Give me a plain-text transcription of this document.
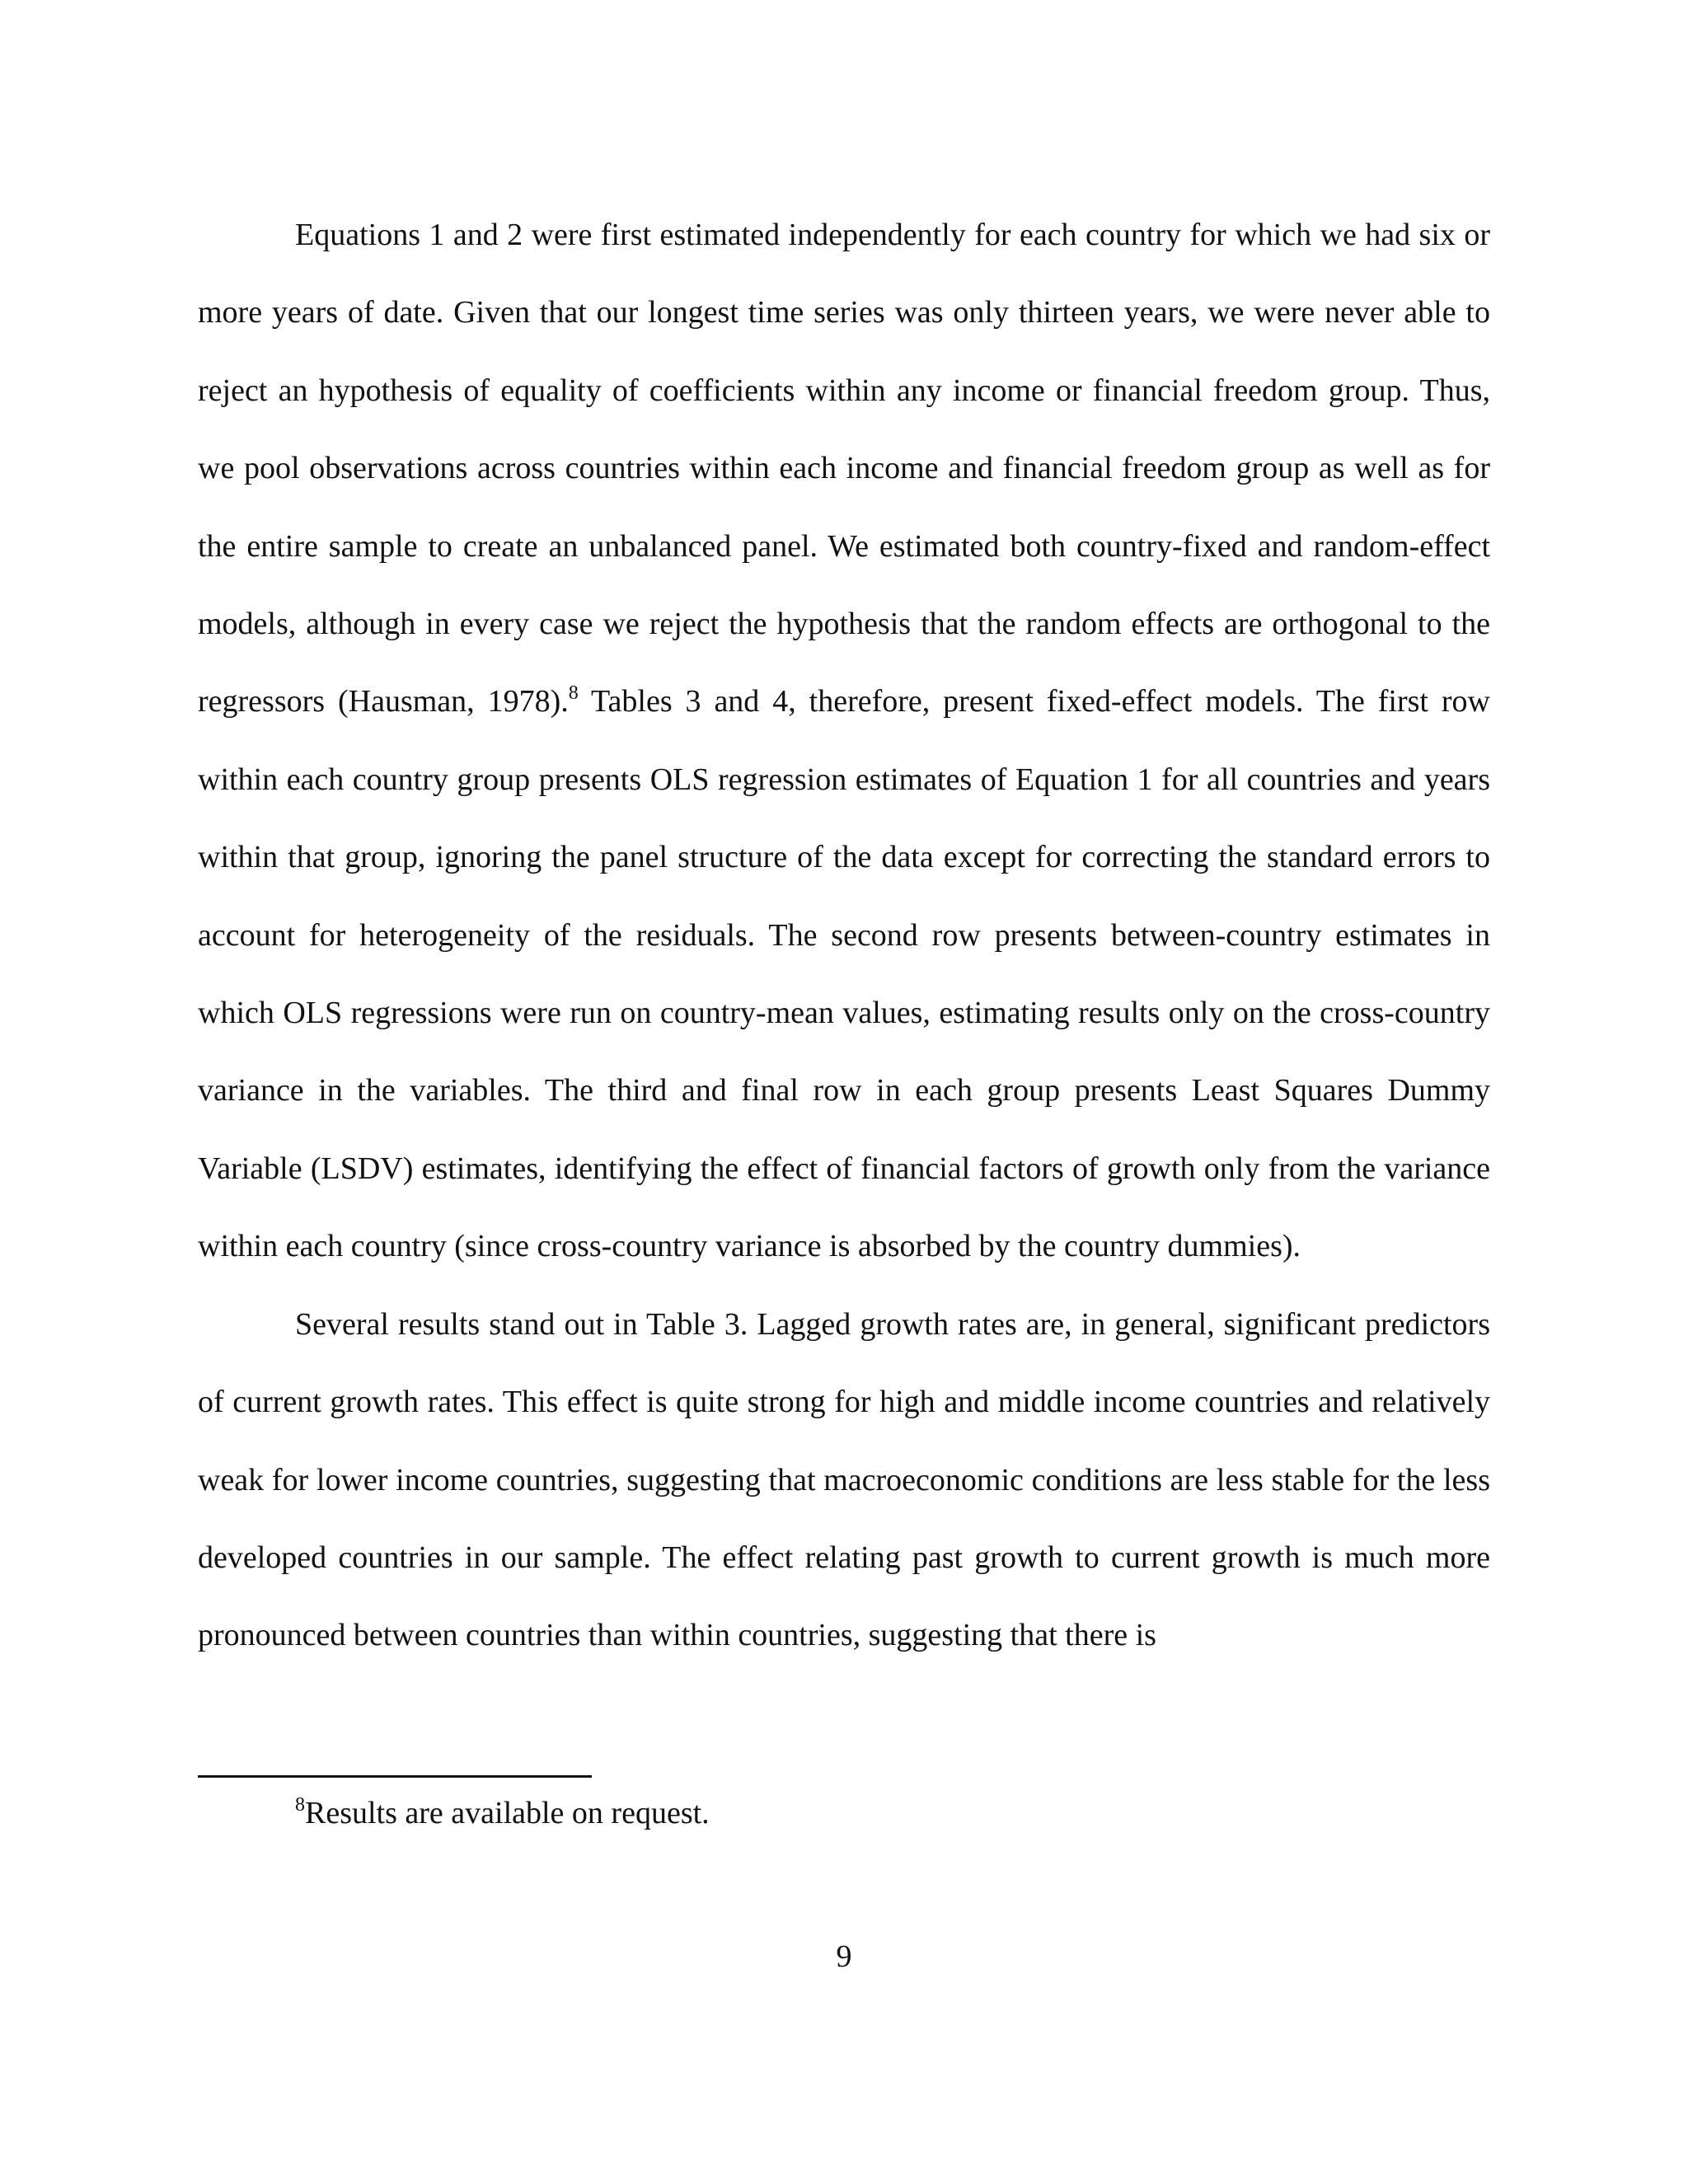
Equations 1 and 2 were first estimated independently for each country for which we had six or more years of date. Given that our longest time series was only thirteen years, we were never able to reject an hypothesis of equality of coefficients within any income or financial freedom group. Thus, we pool observations across countries within each income and financial freedom group as well as for the entire sample to create an unbalanced panel. We estimated both country-fixed and random-effect models, although in every case we reject the hypothesis that the random effects are orthogonal to the regressors (Hausman, 1978).$^8$ Tables 3 and 4, therefore, present fixed-effect models. The first row within each country group presents OLS regression estimates of Equation 1 for all countries and years within that group, ignoring the panel structure of the data except for correcting the standard errors to account for heterogeneity of the residuals. The second row presents between-country estimates in which OLS regressions were run on country-mean values, estimating results only on the cross-country variance in the variables. The third and final row in each group presents Least Squares Dummy Variable (LSDV) estimates, identifying the effect of financial factors of growth only from the variance within each country (since cross-country variance is absorbed by the country dummies).

Several results stand out in Table 3. Lagged growth rates are, in general, significant predictors of current growth rates. This effect is quite strong for high and middle income countries and relatively weak for lower income countries, suggesting that macroeconomic conditions are less stable for the less developed countries in our sample. The effect relating past growth to current growth is much more pronounced between countries than within countries, suggesting that there is

$^8$Results are available on request.
9
